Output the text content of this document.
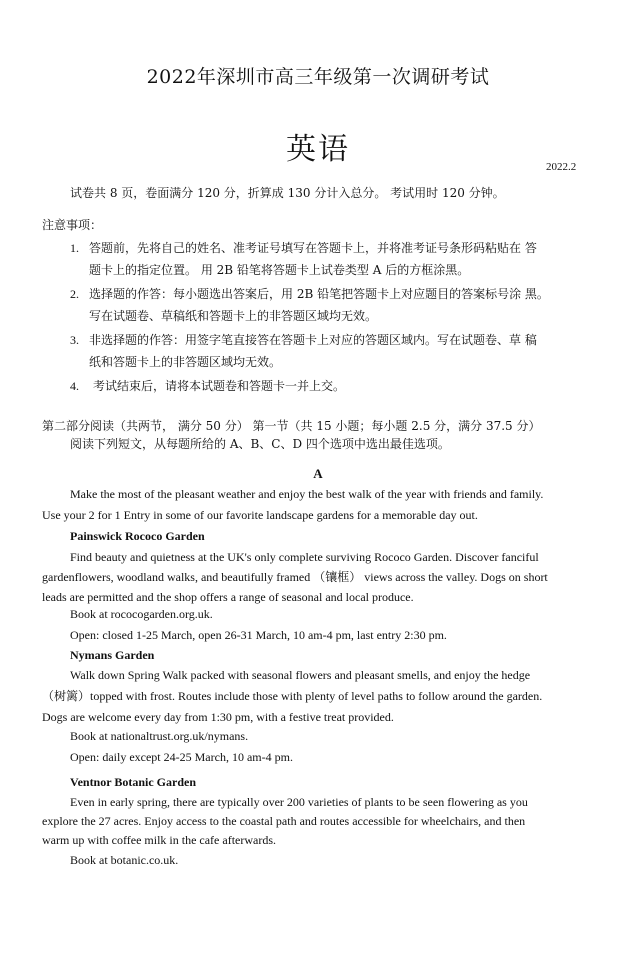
2022年深圳市高三年级第一次调研考试
英语	2022.2
试卷共 8 页，卷面满分 120 分，折算成 130 分计入总分。 考试用时 120 分钟。
注意事项：
1. 答题前，先将自己的姓名、准考证号填写在答题卡上，并将准考证号条形码粘贴在 答
题卡上的指定位置。 用 2B 铅笔将答题卡上试卷类型 A 后的方框涂黑。
2. 选择题的作答：每小题选出答案后，用 2B 铅笔把答题卡上对应题目的答案标号涂 黑。
写在试题卷、草稿纸和答题卡上的非答题区域均无效。
3. 非选择题的作答：用签字笔直接答在答题卡上对应的答题区域内。写在试题卷、草 稿
纸和答题卡上的非答题区域均无效。
4. 考试结束后，请将本试题卷和答题卡一并上交。
第二部分阅读（共两节， 满分 50 分） 第一节（共 15 小题；每小题 2.5 分，满分 37.5 分）
阅读下列短文，从每题所给的 A、B、C、D 四个选项中选出最佳选项。
A
Make the most of the pleasant weather and enjoy the best walk of the year with friends and family.
Use your 2 for 1 Entry in some of our favorite landscape gardens for a memorable day out.
Painswick Rococo Garden
Find beauty and quietness at the UK's only complete surviving Rococo Garden. Discover fanciful
gardenflowers, woodland walks, and beautifully framed （镶框） views across the valley. Dogs on short
leads are permitted and the shop offers a range of seasonal and local produce.
Book at rococogarden.org.uk.
Open: closed 1-25 March, open 26-31 March, 10 am-4 pm, last entry 2:30 pm.
Nymans Garden
Walk down Spring Walk packed with seasonal flowers and pleasant smells, and enjoy the hedge
（树篱）topped with frost. Routes include those with plenty of level paths to follow around the garden.
Dogs are welcome every day from 1:30 pm, with a festive treat provided.
Book at nationaltrust.org.uk/nymans.
Open: daily except 24-25 March, 10 am-4 pm.
Ventnor Botanic Garden
Even in early spring, there are typically over 200 varieties of plants to be seen flowering as you
explore the 27 acres. Enjoy access to the coastal path and routes accessible for wheelchairs, and then
warm up with coffee milk in the cafe afterwards.
Book at botanic.co.uk.
